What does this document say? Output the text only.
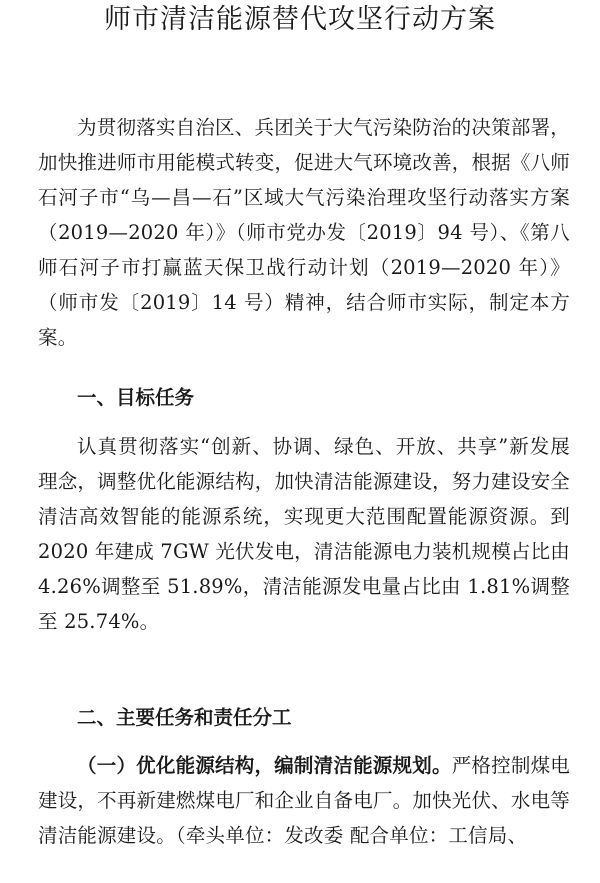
师市清洁能源替代攻坚行动方案

为贯彻落实自治区、兵团关于大气污染防治的决策部署，加快推进师市用能模式转变，促进大气环境改善，根据《八师石河子市“乌—昌—石”区域大气污染治理攻坚行动落实方案（2019—2020 年）》（师市党办发〔2019〕94 号）、《第八师石河子市打赢蓝天保卫战行动计划（2019—2020 年）》（师市发〔2019〕14 号）精神，结合师市实际，制定本方案。

一、目标任务

认真贯彻落实“创新、协调、绿色、开放、共享”新发展理念，调整优化能源结构，加快清洁能源建设，努力建设安全清洁高效智能的能源系统，实现更大范围配置能源资源。到 2020 年建成 7GW 光伏发电，清洁能源电力装机规模占比由 4.26%调整至 51.89%，清洁能源发电量占比由 1.81%调整至 25.74%。

二、主要任务和责任分工

（一）优化能源结构，编制清洁能源规划。严格控制煤电建设，不再新建燃煤电厂和企业自备电厂。加快光伏、水电等清洁能源建设。（牵头单位：发改委 配合单位：工信局、
